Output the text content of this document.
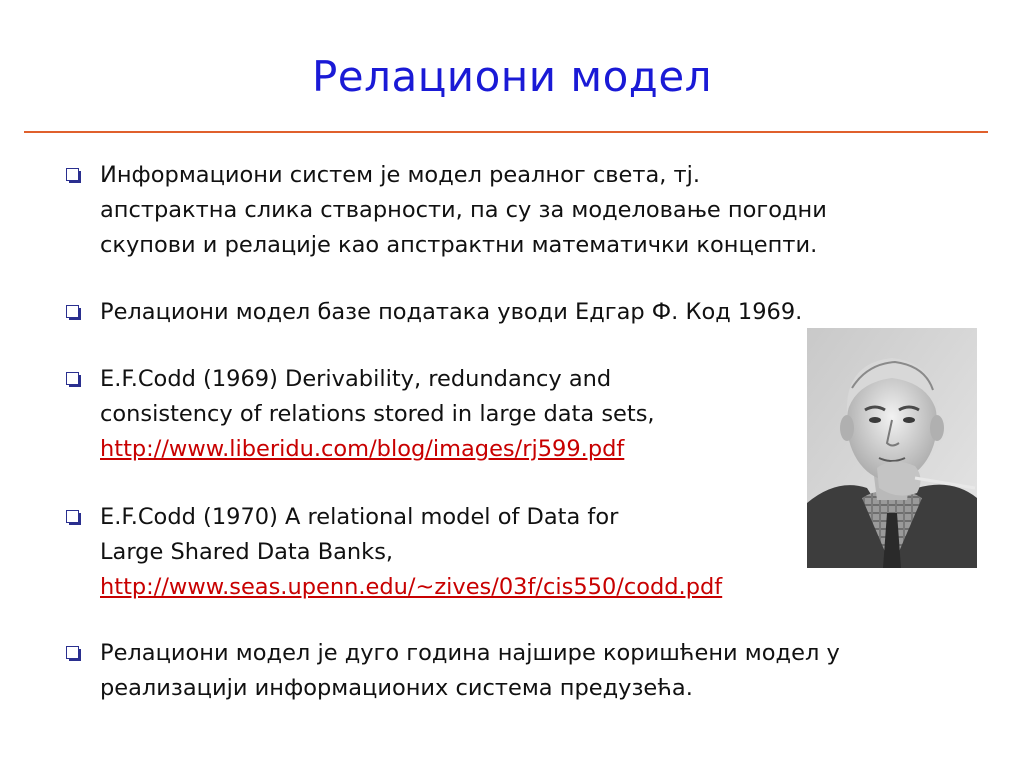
Релациони модел
Информациони систем је модел реалног света, тј.
апстрактна слика стварности, па су за моделовање погодни
скупови и релације као апстрактни математички концепти.
Релациони модел базе података уводи Едгар Ф. Код 1969.
E.F.Codd (1969) Derivability, redundancy and
consistency of relations stored in large data sets,
http://www.liberidu.com/blog/images/rj599.pdf
E.F.Codd (1970) A relational model of Data for
Large Shared Data Banks,
http://www.seas.upenn.edu/~zives/03f/cis550/codd.pdf
Релациони модел је дуго година најшире коришћени модел у
реализацији информационих система предузећа.
